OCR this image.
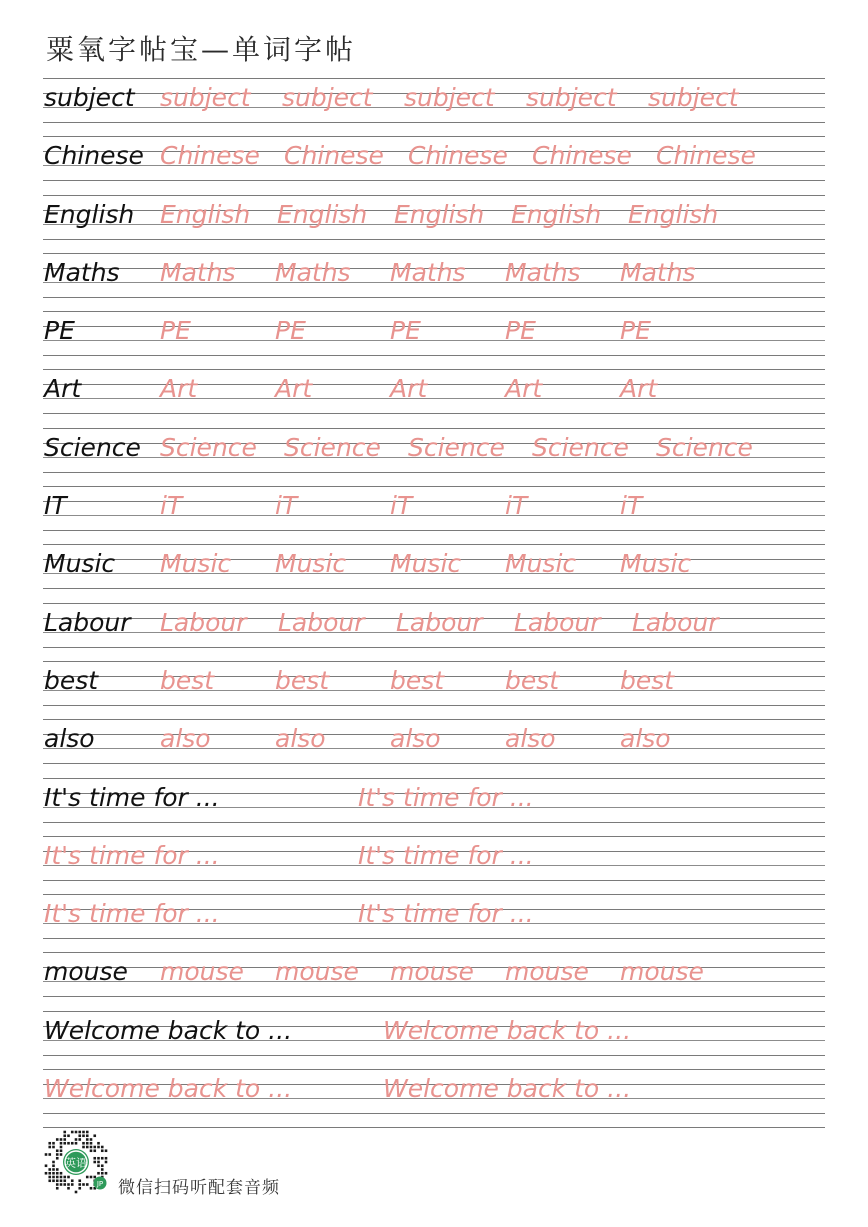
粟氧字帖宝—单词字帖
subject subject subject subject subject subject
Chinese Chinese Chinese Chinese Chinese Chinese
English English English English English English
Maths Maths Maths Maths Maths Maths
PE	PE	PE	PE	PE	PE
Art	Art	Art	Art	Art	Art
Science Science Science Science Science Science
IT	iT	iT	iT	iT	iT
Music Music Music Music Music Music
Labour Labour Labour Labour Labour Labour
best best best best best best
also	also	also	also	also	also
It's time for ...	It's time for ...
It's time for ...	It's time for ...
It's time for ...	It's time for ...
mouse mouse mouse mouse mouse mouse
Welcome back to ...	Welcome back to ...
Welcome back to ...	Welcome back to ...
英语
JP 微信扫码听配套音频
